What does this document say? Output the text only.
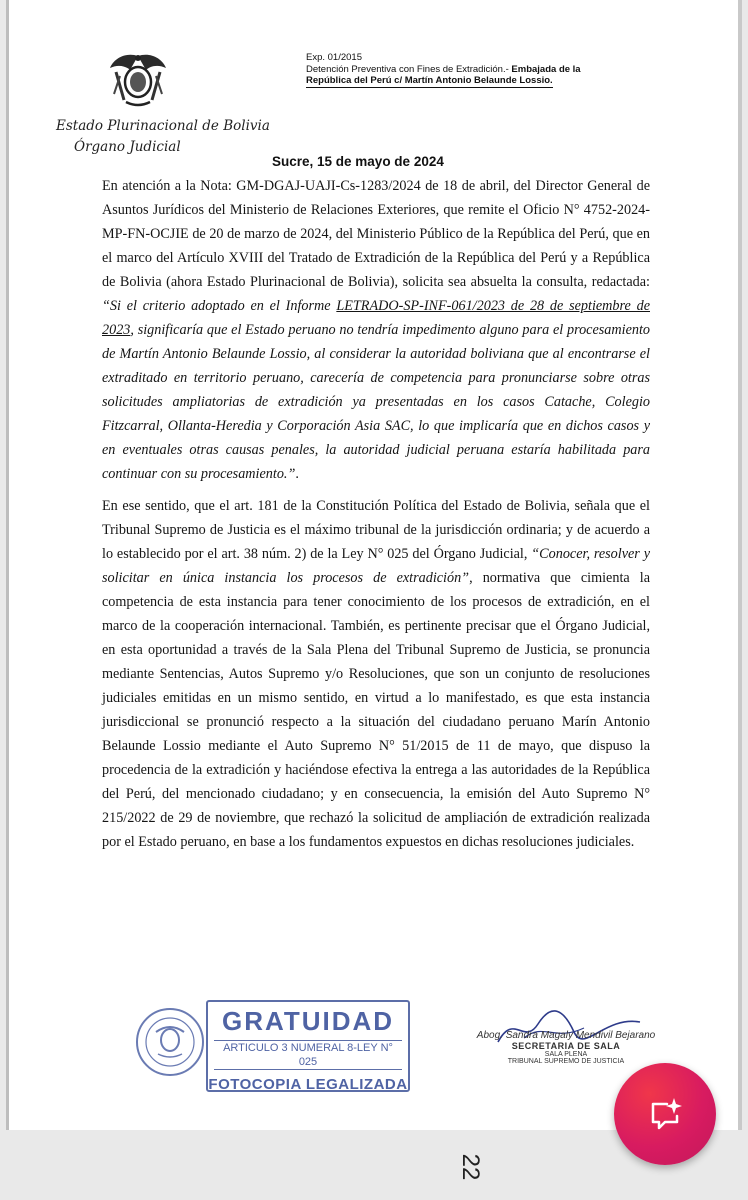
Estado Plurinacional de Bolivia
Órgano Judicial
Exp. 01/2015
Detención Preventiva con Fines de Extradición.- Embajada de la
República del Perú c/ Martín Antonio Belaunde Lossio.
Sucre, 15 de mayo de 2024

En atención a la Nota: GM-DGAJ-UAJI-Cs-1283/2024 de 18 de abril, del Director General de Asuntos Jurídicos del Ministerio de Relaciones Exteriores, que remite el Oficio N° 4752-2024-MP-FN-OCJIE de 20 de marzo de 2024, del Ministerio Público de la República del Perú, que en el marco del Artículo XVIII del Tratado de Extradición de la República del Perú y a República de Bolivia (ahora Estado Plurinacional de Bolivia), solicita sea absuelta la consulta, redactada: “Si el criterio adoptado en el Informe LETRADO-SP-INF-061/2023 de 28 de septiembre de 2023, significaría que el Estado peruano no tendría impedimento alguno para el procesamiento de Martín Antonio Belaunde Lossio, al considerar la autoridad boliviana que al encontrarse el extraditado en territorio peruano, carecería de competencia para pronunciarse sobre otras solicitudes ampliatorias de extradición ya presentadas en los casos Catache, Colegio Fitzcarral, Ollanta-Heredia y Corporación Asia SAC, lo que implicaría que en dichos casos y en eventuales otras causas penales, la autoridad judicial peruana estaría habilitada para continuar con su procesamiento.”.

En ese sentido, que el art. 181 de la Constitución Política del Estado de Bolivia, señala que el Tribunal Supremo de Justicia es el máximo tribunal de la jurisdicción ordinaria; y de acuerdo a lo establecido por el art. 38 núm. 2) de la Ley N° 025 del Órgano Judicial, “Conocer, resolver y solicitar en única instancia los procesos de extradición”, normativa que cimienta la competencia de esta instancia para tener conocimiento de los procesos de extradición, en el marco de la cooperación internacional. También, es pertinente precisar que el Órgano Judicial, en esta oportunidad a través de la Sala Plena del Tribunal Supremo de Justicia, se pronuncia mediante Sentencias, Autos Supremo y/o Resoluciones, que son un conjunto de resoluciones judiciales emitidas en un mismo sentido, en virtud a lo manifestado, es que esta instancia jurisdiccional se pronunció respecto a la situación del ciudadano peruano Marín Antonio Belaunde Lossio mediante el Auto Supremo N° 51/2015 de 11 de mayo, que dispuso la procedencia de la extradición y haciéndose efectiva la entrega a las autoridades de la República del Perú, del mencionado ciudadano; y en consecuencia, la emisión del Auto Supremo N° 215/2022 de 29 de noviembre, que rechazó la solicitud de ampliación de extradición realizada por el Estado peruano, en base a los fundamentos expuestos en dichas resoluciones judiciales.

GRATUIDAD
ARTICULO 3 NUMERAL 8-LEY N° 025
FOTOCOPIA LEGALIZADA
Abog. Sandra Magaly Mendivil Bejarano
SECRETARIA DE SALA
SALA PLENA
TRIBUNAL SUPREMO DE JUSTICIA
22
